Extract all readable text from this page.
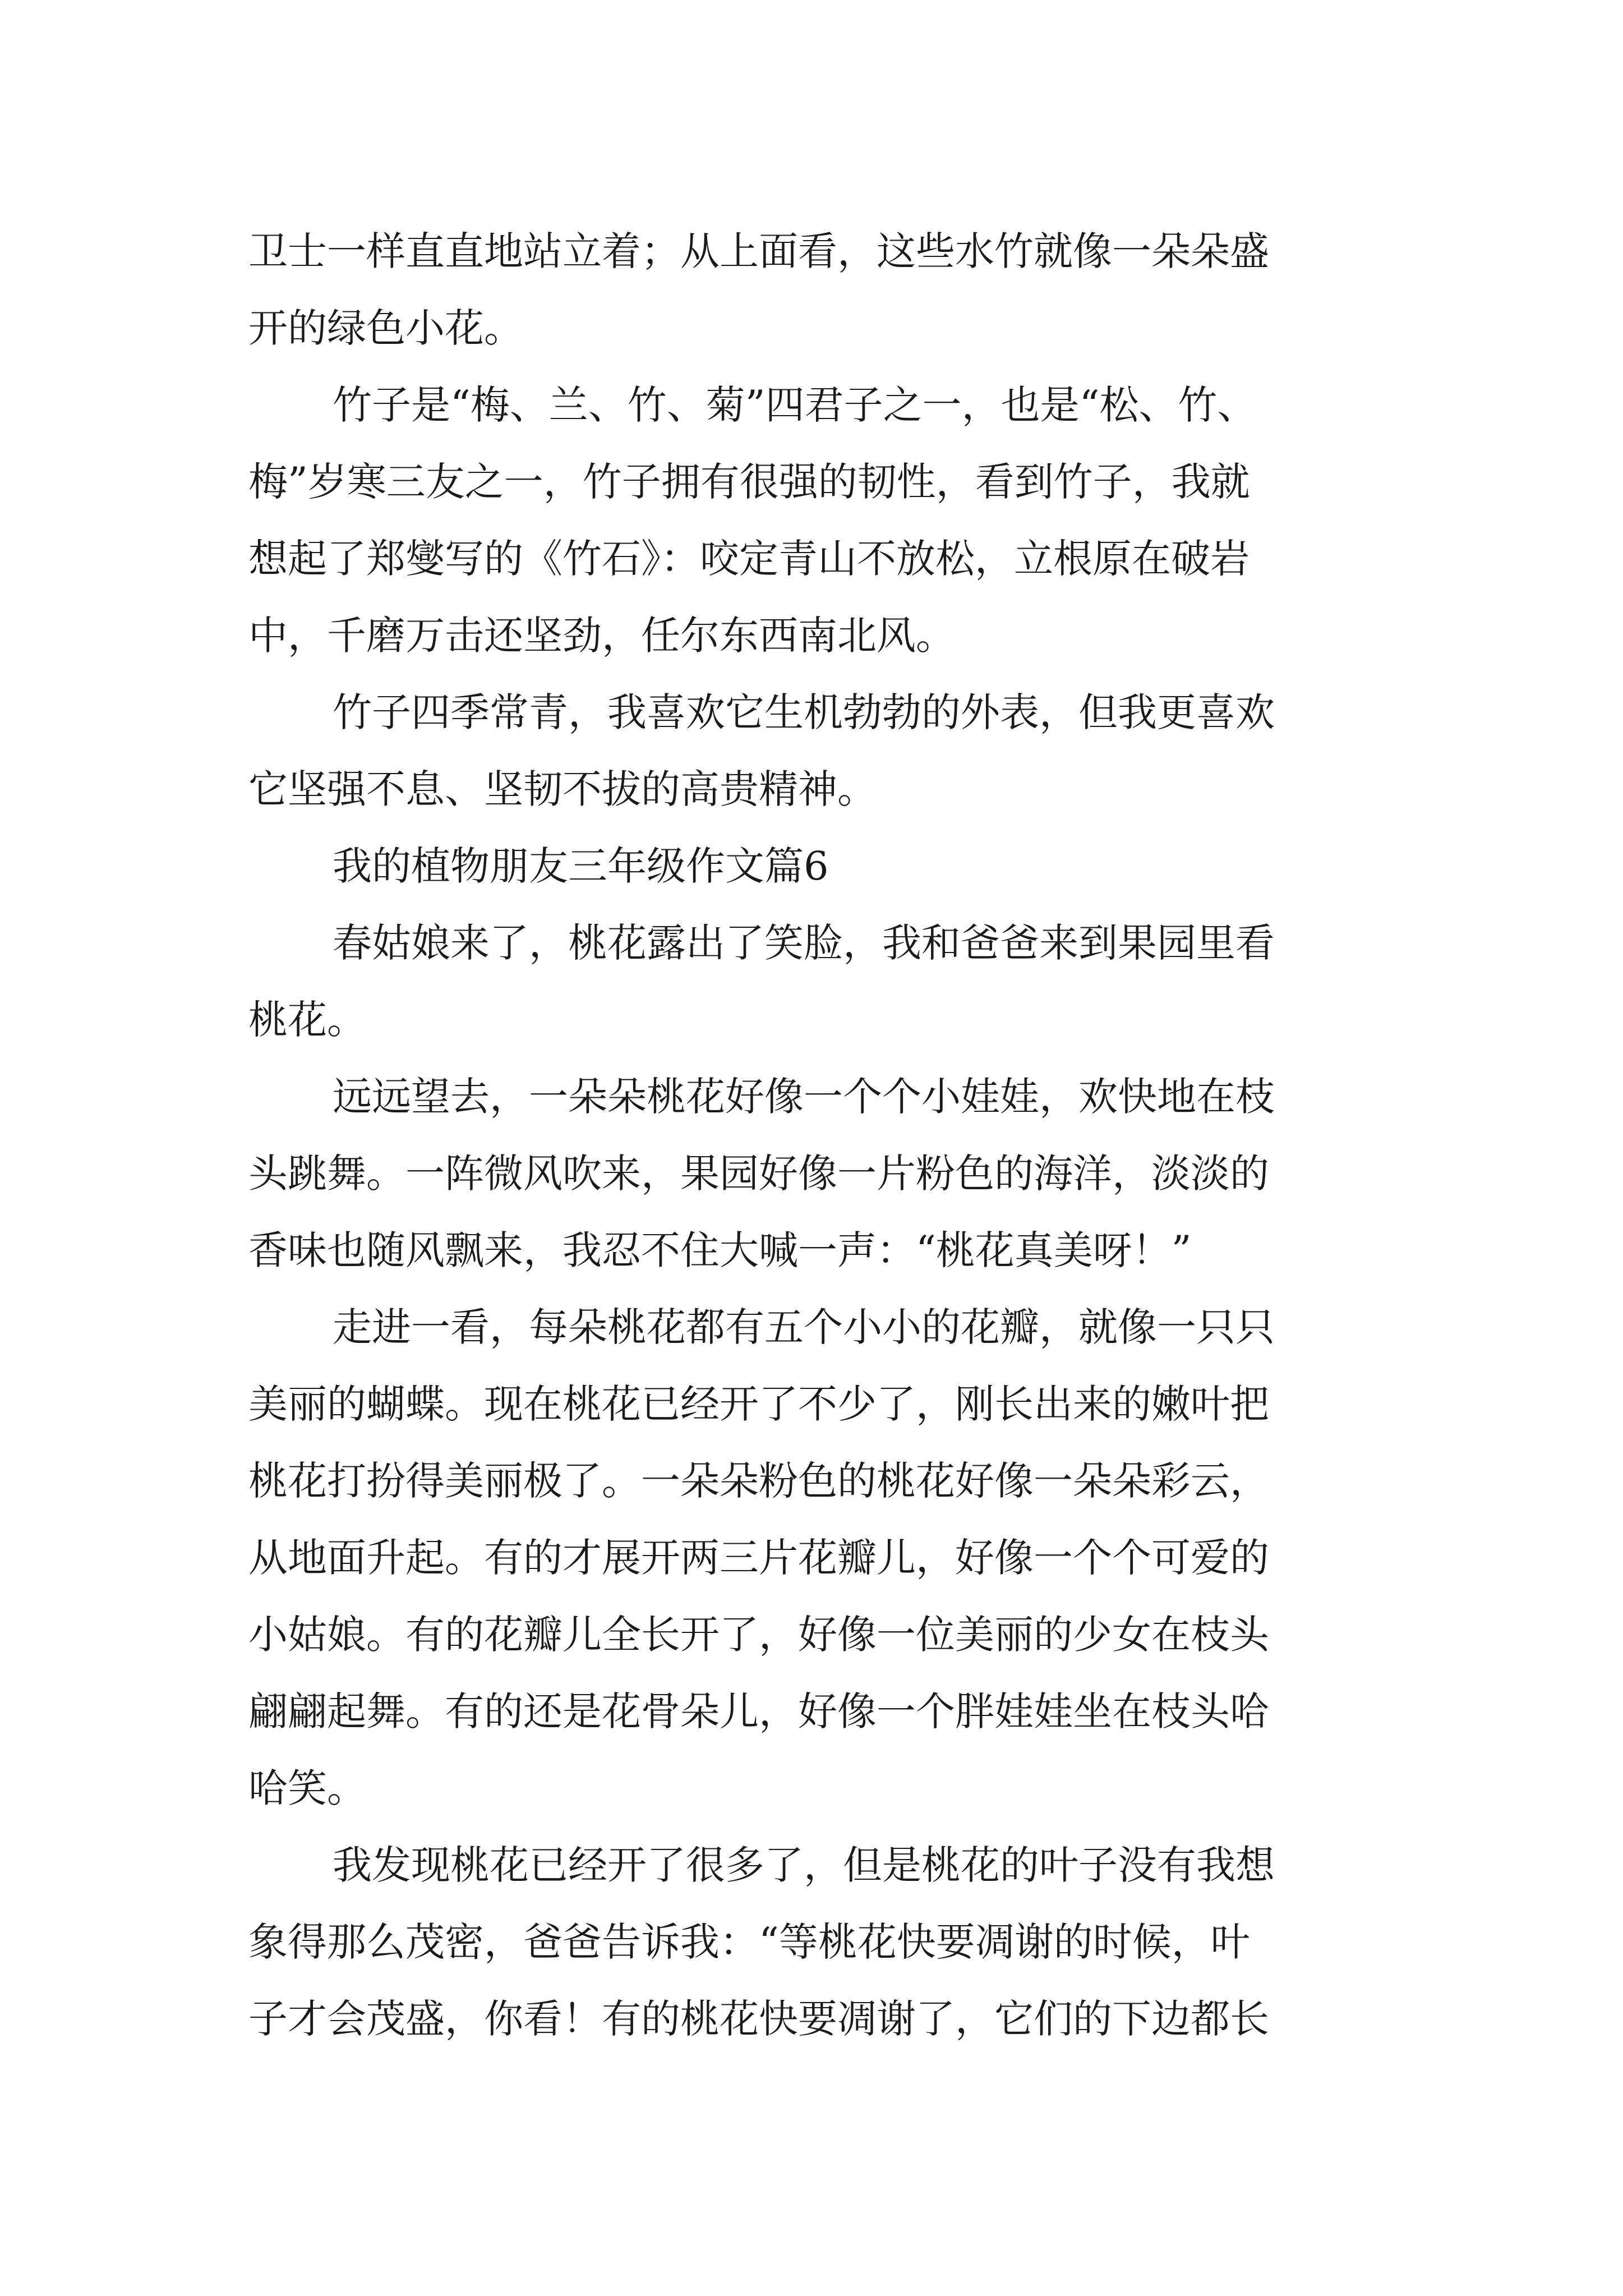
卫士一样直直地站立着；从上面看，这些水竹就像一朵朵盛

开的绿色小花。

竹子是“梅、兰、竹、菊”四君子之一，也是“松、竹、

梅”岁寒三友之一，竹子拥有很强的韧性，看到竹子，我就

想起了郑燮写的《竹石》：咬定青山不放松，立根原在破岩

中，千磨万击还坚劲，任尔东西南北风。

竹子四季常青，我喜欢它生机勃勃的外表，但我更喜欢

它坚强不息、坚韧不拔的高贵精神。

我的植物朋友三年级作文篇6

春姑娘来了，桃花露出了笑脸，我和爸爸来到果园里看

桃花。

远远望去，一朵朵桃花好像一个个小娃娃，欢快地在枝

头跳舞。一阵微风吹来，果园好像一片粉色的海洋，淡淡的

香味也随风飘来，我忍不住大喊一声：“桃花真美呀！”

走进一看，每朵桃花都有五个小小的花瓣，就像一只只

美丽的蝴蝶。现在桃花已经开了不少了，刚长出来的嫩叶把

桃花打扮得美丽极了。一朵朵粉色的桃花好像一朵朵彩云，

从地面升起。有的才展开两三片花瓣儿，好像一个个可爱的

小姑娘。有的花瓣儿全长开了，好像一位美丽的少女在枝头

翩翩起舞。有的还是花骨朵儿，好像一个胖娃娃坐在枝头哈

哈笑。

我发现桃花已经开了很多了，但是桃花的叶子没有我想

象得那么茂密，爸爸告诉我：“等桃花快要凋谢的时候，叶

子才会茂盛，你看！有的桃花快要凋谢了，它们的下边都长
